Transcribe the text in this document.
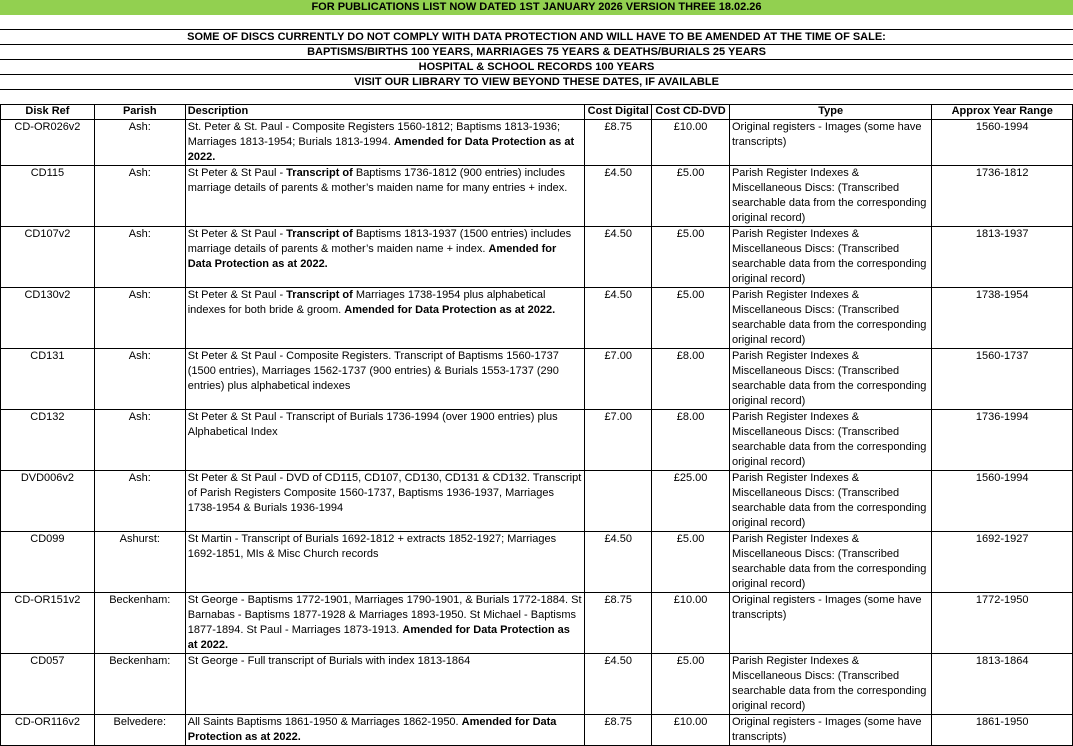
FOR PUBLICATIONS LIST NOW DATED 1ST JANUARY 2026 VERSION THREE 18.02.26
SOME OF DISCS CURRENTLY DO NOT COMPLY WITH DATA PROTECTION AND WILL HAVE TO BE AMENDED AT THE TIME OF SALE:
BAPTISMS/BIRTHS 100 YEARS, MARRIAGES 75 YEARS & DEATHS/BURIALS 25 YEARS
HOSPITAL & SCHOOL RECORDS 100 YEARS
VISIT OUR LIBRARY TO VIEW BEYOND THESE DATES, IF AVAILABLE
Disk Ref	Parish	Description	Cost Digital	Cost CD-DVD	Type	Approx Year Range
CD-OR026v2	Ash:	St. Peter & St. Paul - Composite Registers 1560-1812; Baptisms 1813-1936; Marriages 1813-1954; Burials 1813-1994. Amended for Data Protection as at 2022.	£8.75	£10.00	Original registers - Images (some have transcripts)	1560-1994
CD115	Ash:	St Peter & St Paul - Transcript of Baptisms 1736-1812 (900 entries) includes marriage details of parents & mother’s maiden name for many entries + index.	£4.50	£5.00	Parish Register Indexes & Miscellaneous Discs: (Transcribed searchable data from the corresponding original record)	1736-1812
CD107v2	Ash:	St Peter & St Paul - Transcript of Baptisms 1813-1937 (1500 entries) includes marriage details of parents & mother’s maiden name + index. Amended for Data Protection as at 2022.	£4.50	£5.00	Parish Register Indexes & Miscellaneous Discs: (Transcribed searchable data from the corresponding original record)	1813-1937
CD130v2	Ash:	St Peter & St Paul - Transcript of Marriages 1738-1954 plus alphabetical indexes for both bride & groom. Amended for Data Protection as at 2022.	£4.50	£5.00	Parish Register Indexes & Miscellaneous Discs: (Transcribed searchable data from the corresponding original record)	1738-1954
CD131	Ash:	St Peter & St Paul - Composite Registers. Transcript of Baptisms 1560-1737 (1500 entries), Marriages 1562-1737 (900 entries) & Burials 1553-1737 (290 entries) plus alphabetical indexes	£7.00	£8.00	Parish Register Indexes & Miscellaneous Discs: (Transcribed searchable data from the corresponding original record)	1560-1737
CD132	Ash:	St Peter & St Paul - Transcript of Burials 1736-1994 (over 1900 entries) plus Alphabetical Index	£7.00	£8.00	Parish Register Indexes & Miscellaneous Discs: (Transcribed searchable data from the corresponding original record)	1736-1994
DVD006v2	Ash:	St Peter & St Paul - DVD of CD115, CD107, CD130, CD131 & CD132. Transcript of Parish Registers Composite 1560-1737, Baptisms 1936-1937, Marriages 1738-1954 & Burials 1936-1994		£25.00	Parish Register Indexes & Miscellaneous Discs: (Transcribed searchable data from the corresponding original record)	1560-1994
CD099	Ashurst:	St Martin - Transcript of Burials 1692-1812 + extracts 1852-1927; Marriages 1692-1851, MIs & Misc Church records	£4.50	£5.00	Parish Register Indexes & Miscellaneous Discs: (Transcribed searchable data from the corresponding original record)	1692-1927
CD-OR151v2	Beckenham:	St George - Baptisms 1772-1901, Marriages 1790-1901, & Burials 1772-1884. St Barnabas - Baptisms 1877-1928 & Marriages 1893-1950. St Michael - Baptisms 1877-1894. St Paul - Marriages 1873-1913. Amended for Data Protection as at 2022.	£8.75	£10.00	Original registers - Images (some have transcripts)	1772-1950
CD057	Beckenham:	St George - Full transcript of Burials with index 1813-1864	£4.50	£5.00	Parish Register Indexes & Miscellaneous Discs: (Transcribed searchable data from the corresponding original record)	1813-1864
CD-OR116v2	Belvedere:	All Saints Baptisms 1861-1950 & Marriages 1862-1950. Amended for Data Protection as at 2022.	£8.75	£10.00	Original registers - Images (some have transcripts)	1861-1950
